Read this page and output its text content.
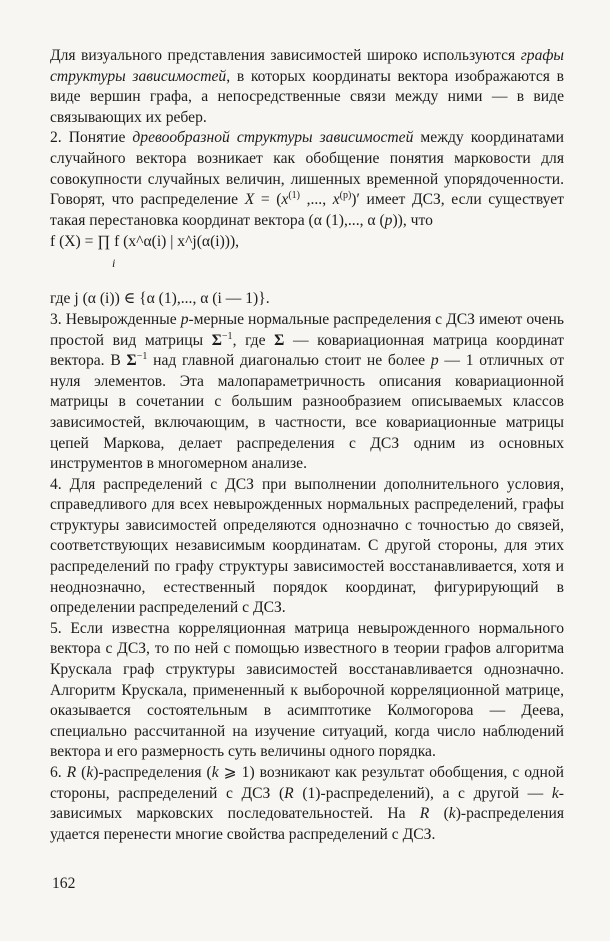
Для визуального представления зависимостей широко используются графы структуры зависимостей, в которых координаты вектора изображаются в виде вершин графа, а непосредственные связи между ними — в виде связывающих их ребер.

2. Понятие древообразной структуры зависимостей между координатами случайного вектора возникает как обобщение понятия марковости для совокупности случайных величин, лишенных временной упорядоченности. Говорят, что распределение $X = (x^{(1)}$ ,..., $x^{(p)})'$ имеет ДСЗ, если существует такая перестановка координат вектора (α (1),..., α (p)), что

f (X) = ∏ f (x^α(i) | x^j(α(i))),
i

где j (α (i)) ∈ {α (1),..., α (i — 1)}.

3. Невырожденные p-мерные нормальные распределения с ДСЗ имеют очень простой вид матрицы $\Sigma^{-1}$, где Σ — ковариационная матрица координат вектора. В $\Sigma^{-1}$ над главной диагональю стоит не более p — 1 отличных от нуля элементов. Эта малопараметричность описания ковариационной матрицы в сочетании с большим разнообразием описываемых классов зависимостей, включающим, в частности, все ковариационные матрицы цепей Маркова, делает распределения с ДСЗ одним из основных инструментов в многомерном анализе.

4. Для распределений с ДСЗ при выполнении дополнительного условия, справедливого для всех невырожденных нормальных распределений, графы структуры зависимостей определяются однозначно с точностью до связей, соответствующих независимым координатам. С другой стороны, для этих распределений по графу структуры зависимостей восстанавливается, хотя и неоднозначно, естественный порядок координат, фигурирующий в определении распределений с ДСЗ.

5. Если известна корреляционная матрица невырожденного нормального вектора с ДСЗ, то по ней с помощью известного в теории графов алгоритма Крускала граф структуры зависимостей восстанавливается однозначно. Алгоритм Крускала, примененный к выборочной корреляционной матрице, оказывается состоятельным в асимптотике Колмогорова — Деева, специально рассчитанной на изучение ситуаций, когда число наблюдений вектора и его размерность суть величины одного порядка.

6. R (k)-распределения (k ⩾ 1) возникают как результат обобщения, с одной стороны, распределений с ДСЗ (R (1)-распределений), а с другой — k-зависимых марковских последовательностей. На R (k)-распределения удается перенести многие свойства распределений с ДСЗ.

162
